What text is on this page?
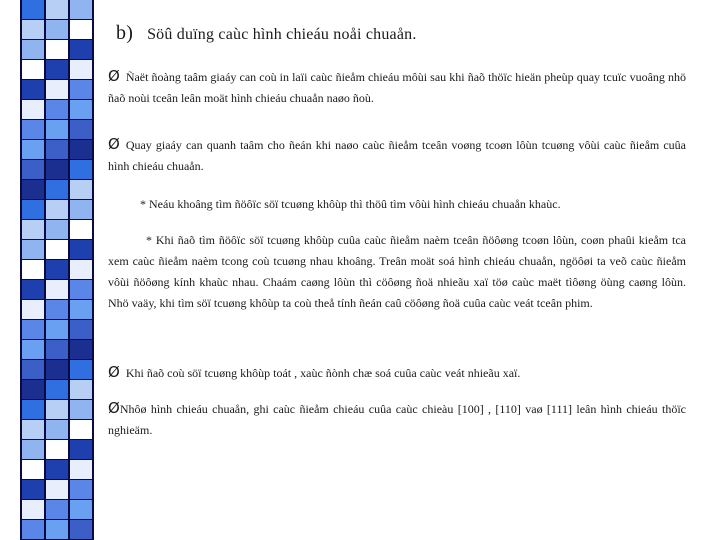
b) Söû duïng caùc hình chieáu noåi chuaån.
Ø Ñaët ñoàng taâm giaáy can coù in laïi caùc ñieåm chieáu môùi sau khi ñaõ thöïc hieän pheùp quay tcuïc vuoâng nhö ñaõ noùi tceân leân moät hình chieáu chuaån naøo ñoù.
Ø Quay giaáy can quanh taâm cho ñeán khi naøo caùc ñieåm tceân voøng tcoøn lôùn tcuøng vôùi caùc ñieåm cuûa hình chieáu chuaån.
* Neáu khoâng tìm ñöôïc söï tcuøng khôùp thì thöû tìm vôùi hình chieáu chuaån khaùc.
* Khi ñaõ tìm ñöôïc söï tcuøng khôùp cuûa caùc ñieåm naèm tceân ñöôøng tcoøn lôùn, coøn phaûi kieåm tca xem caùc ñieåm naèm tcong coù tcuøng nhau khoâng. Treân moät soá hình chieáu chuaån, ngöôøi ta veõ caùc ñieåm vôùi ñöôøng kính khaùc nhau. Chaám caøng lôùn thì cöôøng ñoä nhieãu xaï töø caùc maët tìôøng öùng caøng lôùn. Nhö vaäy, khi tìm söï tcuøng khôùp ta coù theå tính ñeán caû cöôøng ñoä cuûa caùc veát tceân phim.
Ø Khi ñaõ coù söï tcuøng khôùp toát , xaùc ñònh chæ soá cuûa caùc veát nhieãu xaï.
ØNhôø hình chieáu chuaån, ghi caùc ñieåm chieáu cuûa caùc chieàu [100] , [110] vaø [111] leân hình chieáu thöïc nghieäm.
